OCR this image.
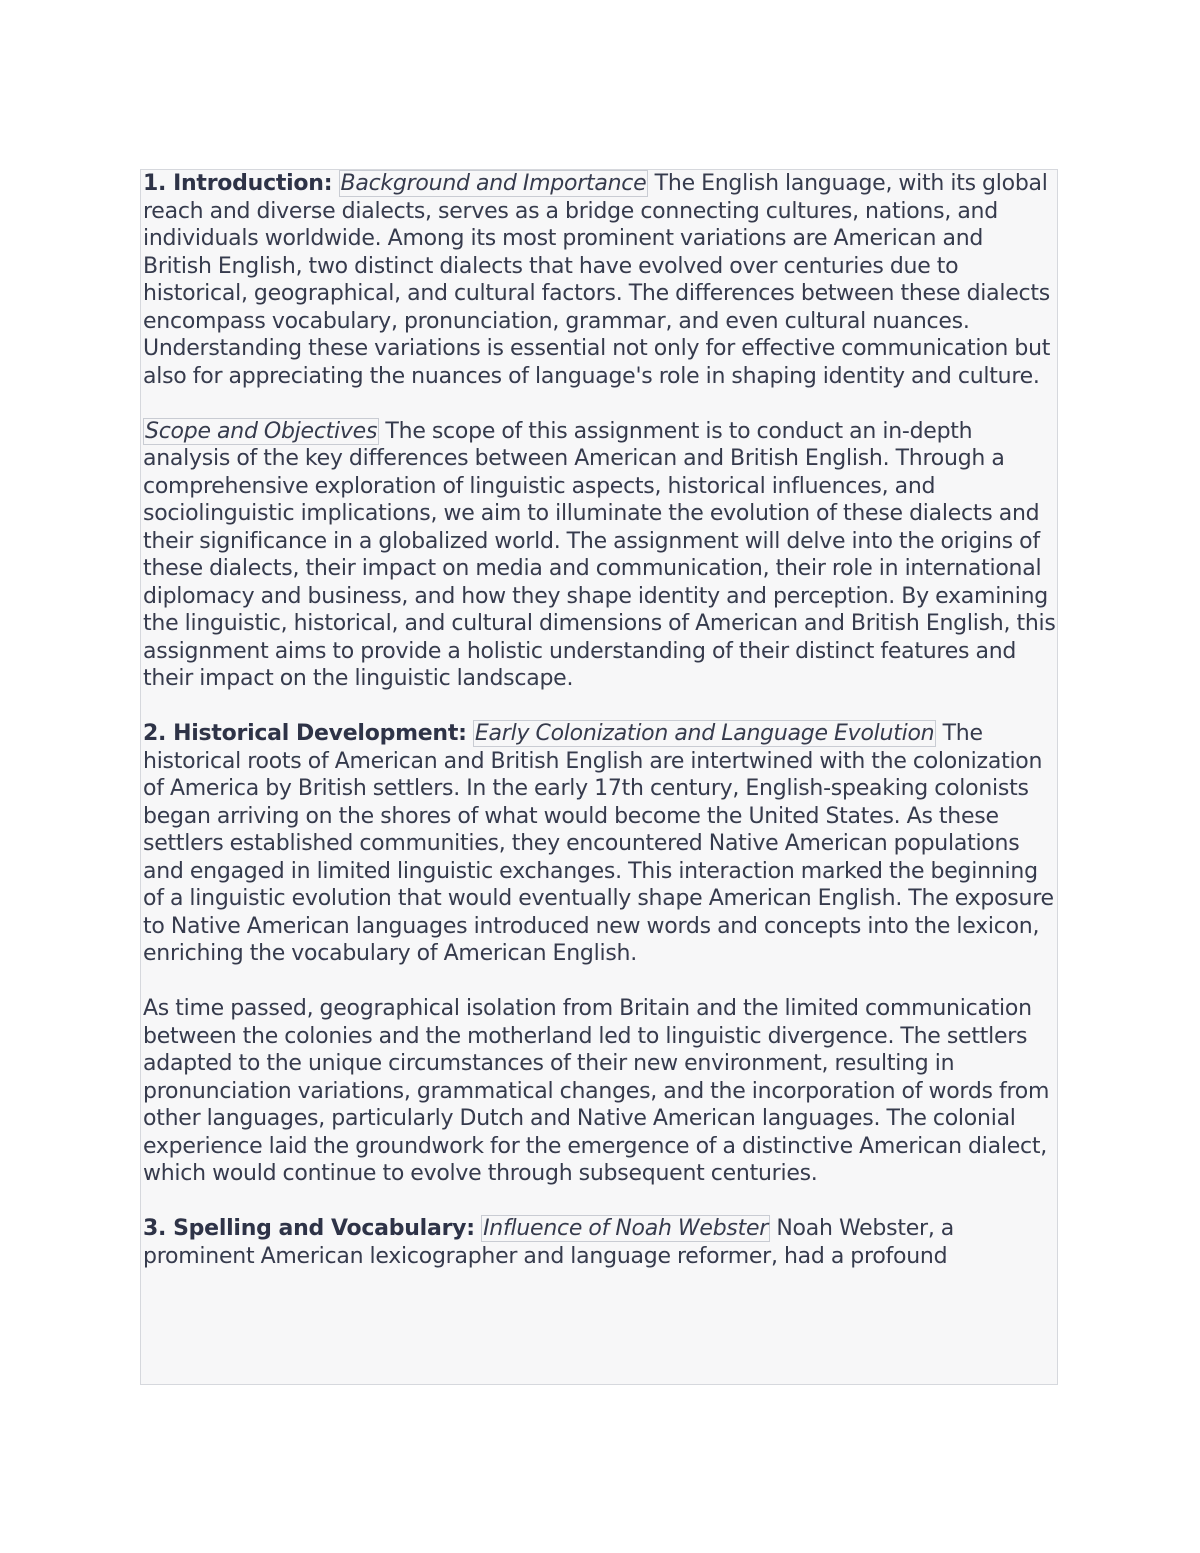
1. Introduction: Background and Importance The English language, with its global reach and diverse dialects, serves as a bridge connecting cultures, nations, and individuals worldwide. Among its most prominent variations are American and British English, two distinct dialects that have evolved over centuries due to historical, geographical, and cultural factors. The differences between these dialects encompass vocabulary, pronunciation, grammar, and even cultural nuances. Understanding these variations is essential not only for effective communication but also for appreciating the nuances of language's role in shaping identity and culture.

Scope and Objectives The scope of this assignment is to conduct an in-depth analysis of the key differences between American and British English. Through a comprehensive exploration of linguistic aspects, historical influences, and sociolinguistic implications, we aim to illuminate the evolution of these dialects and their significance in a globalized world. The assignment will delve into the origins of these dialects, their impact on media and communication, their role in international diplomacy and business, and how they shape identity and perception. By examining the linguistic, historical, and cultural dimensions of American and British English, this assignment aims to provide a holistic understanding of their distinct features and their impact on the linguistic landscape.

2. Historical Development: Early Colonization and Language Evolution The historical roots of American and British English are intertwined with the colonization of America by British settlers. In the early 17th century, English-speaking colonists began arriving on the shores of what would become the United States. As these settlers established communities, they encountered Native American populations and engaged in limited linguistic exchanges. This interaction marked the beginning of a linguistic evolution that would eventually shape American English. The exposure to Native American languages introduced new words and concepts into the lexicon, enriching the vocabulary of American English.

As time passed, geographical isolation from Britain and the limited communication between the colonies and the motherland led to linguistic divergence. The settlers adapted to the unique circumstances of their new environment, resulting in pronunciation variations, grammatical changes, and the incorporation of words from other languages, particularly Dutch and Native American languages. The colonial experience laid the groundwork for the emergence of a distinctive American dialect, which would continue to evolve through subsequent centuries.

3. Spelling and Vocabulary: Influence of Noah Webster Noah Webster, a prominent American lexicographer and language reformer, had a profound
